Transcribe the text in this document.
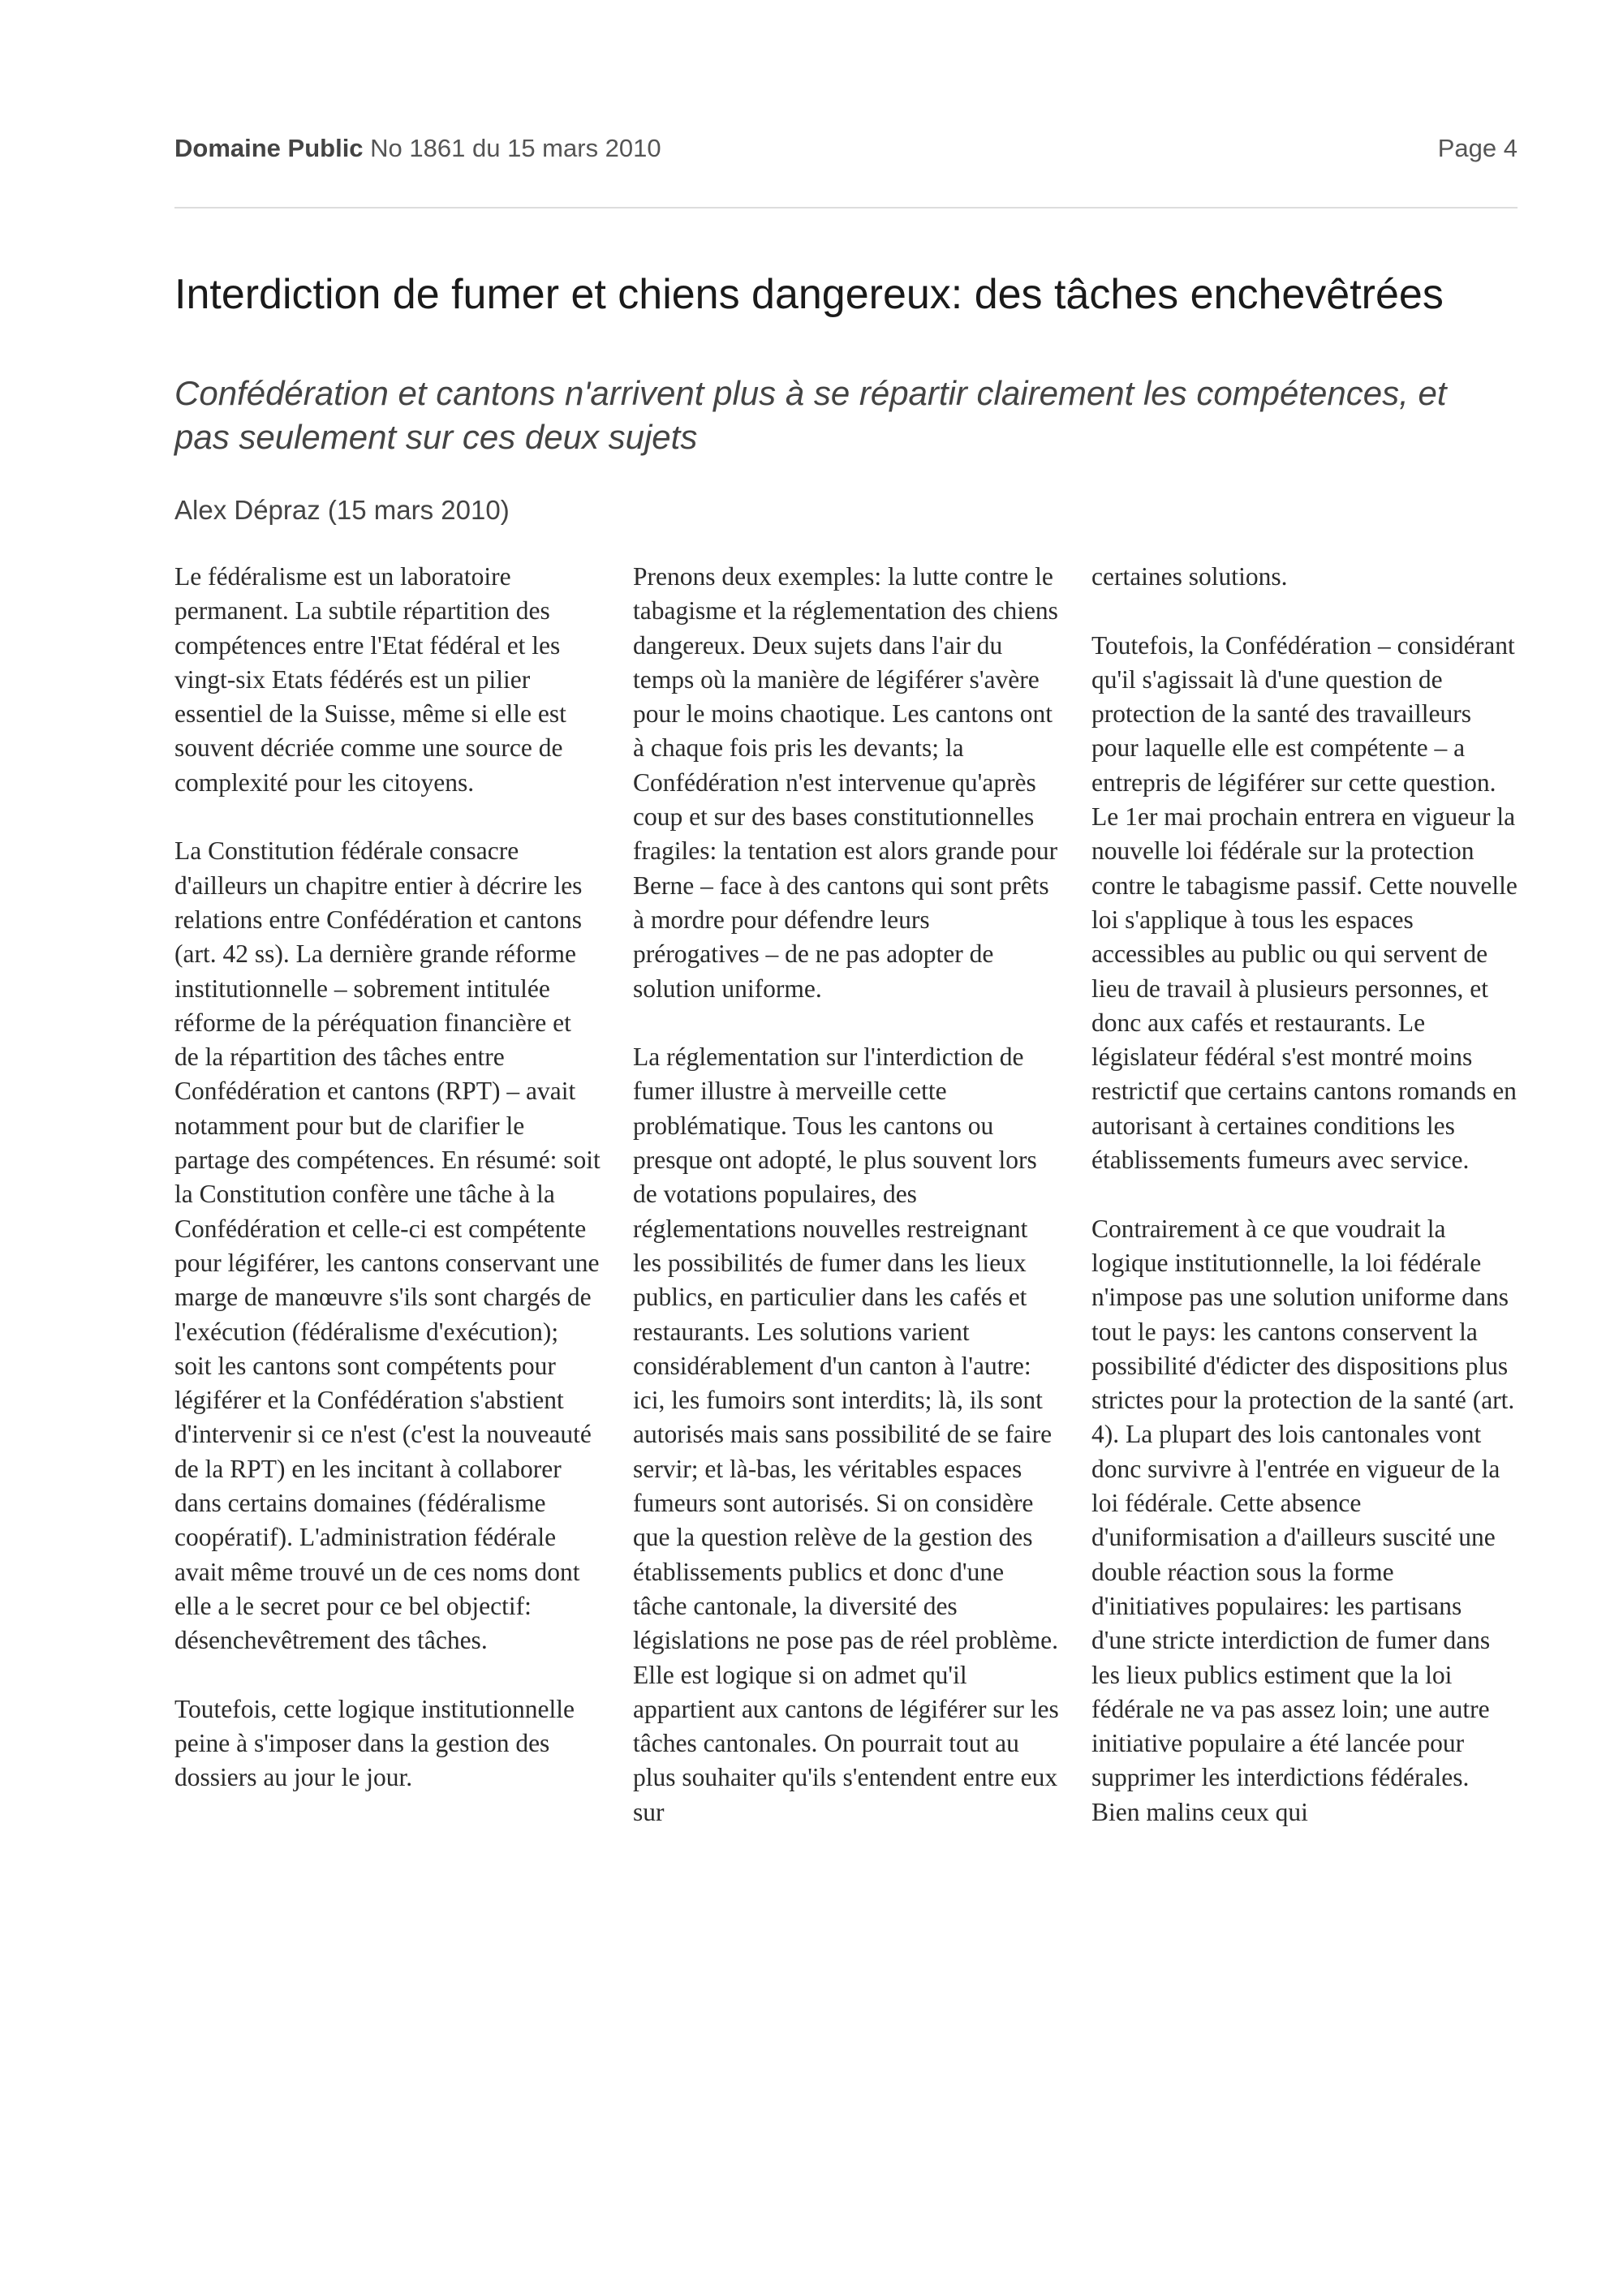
Domaine Public No 1861 du 15 mars 2010	Page 4
Interdiction de fumer et chiens dangereux: des tâches enchevêtrées

Confédération et cantons n'arrivent plus à se répartir clairement les compétences, et pas seulement sur ces deux sujets

Alex Dépraz (15 mars 2010)

Le fédéralisme est un laboratoire permanent. La subtile répartition des compétences entre l'Etat fédéral et les vingt-six Etats fédérés est un pilier essentiel de la Suisse, même si elle est souvent décriée comme une source de complexité pour les citoyens.

La Constitution fédérale consacre d'ailleurs un chapitre entier à décrire les relations entre Confédération et cantons (art. 42 ss). La dernière grande réforme institutionnelle – sobrement intitulée réforme de la péréquation financière et de la répartition des tâches entre Confédération et cantons (RPT) – avait notamment pour but de clarifier le partage des compétences. En résumé: soit la Constitution confère une tâche à la Confédération et celle-ci est compétente pour légiférer, les cantons conservant une marge de manœuvre s'ils sont chargés de l'exécution (fédéralisme d'exécution); soit les cantons sont compétents pour légiférer et la Confédération s'abstient d'intervenir si ce n'est (c'est la nouveauté de la RPT) en les incitant à collaborer dans certains domaines (fédéralisme coopératif). L'administration fédérale avait même trouvé un de ces noms dont elle a le secret pour ce bel objectif: désenchevêtrement des tâches.

Toutefois, cette logique institutionnelle peine à s'imposer dans la gestion des dossiers au jour le jour.

Prenons deux exemples: la lutte contre le tabagisme et la réglementation des chiens dangereux. Deux sujets dans l'air du temps où la manière de légiférer s'avère pour le moins chaotique. Les cantons ont à chaque fois pris les devants; la Confédération n'est intervenue qu'après coup et sur des bases constitutionnelles fragiles: la tentation est alors grande pour Berne – face à des cantons qui sont prêts à mordre pour défendre leurs prérogatives – de ne pas adopter de solution uniforme.

La réglementation sur l'interdiction de fumer illustre à merveille cette problématique. Tous les cantons ou presque ont adopté, le plus souvent lors de votations populaires, des réglementations nouvelles restreignant les possibilités de fumer dans les lieux publics, en particulier dans les cafés et restaurants. Les solutions varient considérablement d'un canton à l'autre: ici, les fumoirs sont interdits; là, ils sont autorisés mais sans possibilité de se faire servir; et là-bas, les véritables espaces fumeurs sont autorisés. Si on considère que la question relève de la gestion des établissements publics et donc d'une tâche cantonale, la diversité des législations ne pose pas de réel problème. Elle est logique si on admet qu'il appartient aux cantons de légiférer sur les tâches cantonales. On pourrait tout au plus souhaiter qu'ils s'entendent entre eux sur

certaines solutions.

Toutefois, la Confédération – considérant qu'il s'agissait là d'une question de protection de la santé des travailleurs pour laquelle elle est compétente – a entrepris de légiférer sur cette question. Le 1er mai prochain entrera en vigueur la nouvelle loi fédérale sur la protection contre le tabagisme passif. Cette nouvelle loi s'applique à tous les espaces accessibles au public ou qui servent de lieu de travail à plusieurs personnes, et donc aux cafés et restaurants. Le législateur fédéral s'est montré moins restrictif que certains cantons romands en autorisant à certaines conditions les établissements fumeurs avec service.

Contrairement à ce que voudrait la logique institutionnelle, la loi fédérale n'impose pas une solution uniforme dans tout le pays: les cantons conservent la possibilité d'édicter des dispositions plus strictes pour la protection de la santé (art. 4). La plupart des lois cantonales vont donc survivre à l'entrée en vigueur de la loi fédérale. Cette absence d'uniformisation a d'ailleurs suscité une double réaction sous la forme d'initiatives populaires: les partisans d'une stricte interdiction de fumer dans les lieux publics estiment que la loi fédérale ne va pas assez loin; une autre initiative populaire a été lancée pour supprimer les interdictions fédérales. Bien malins ceux qui
